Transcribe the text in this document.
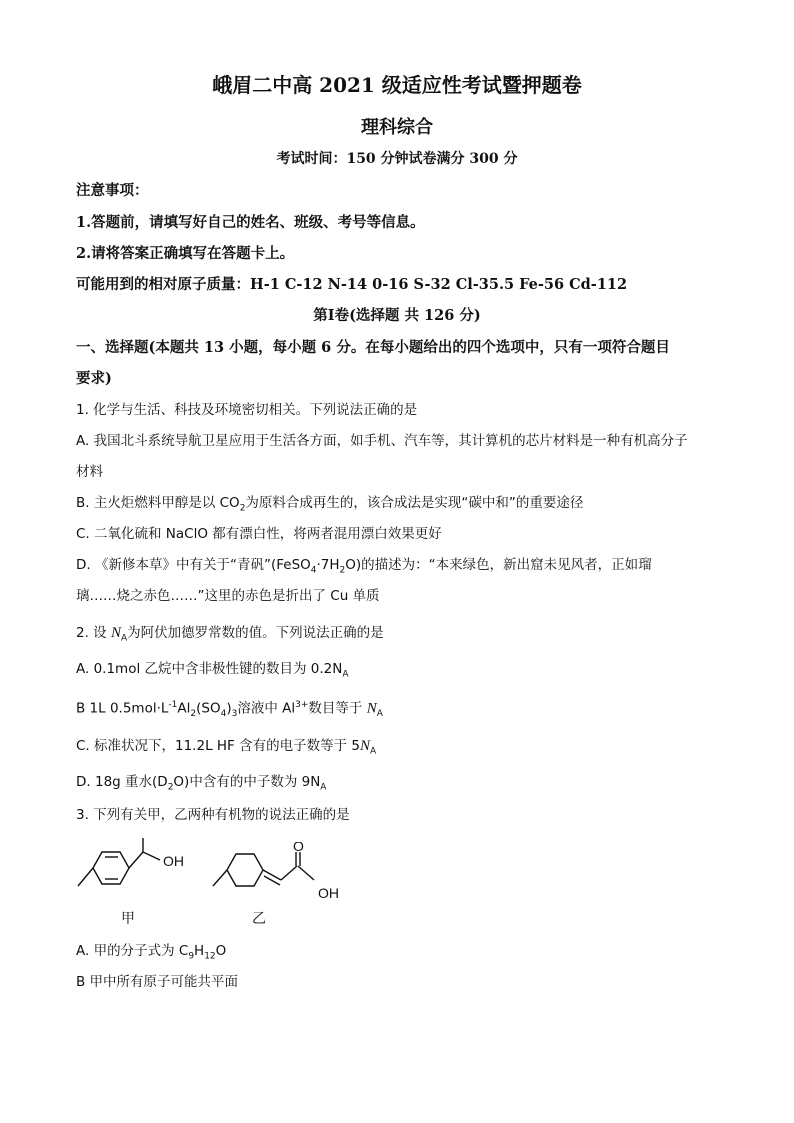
峨眉二中高 2021 级适应性考试暨押题卷
理科综合
考试时间：150 分钟试卷满分 300 分
注意事项：
1.答题前，请填写好自己的姓名、班级、考号等信息。
2.请将答案正确填写在答题卡上。
可能用到的相对原子质量：H-1 C-12 N-14 0-16 S-32 Cl-35.5 Fe-56 Cd-112
第Ⅰ卷(选择题 共 126 分)
一、选择题(本题共 13 小题，每小题 6 分。在每小题给出的四个选项中，只有一项符合题目
要求)
1. 化学与生活、科技及环境密切相关。下列说法正确的是
A. 我国北斗系统导航卫星应用于生活各方面，如手机、汽车等，其计算机的芯片材料是一种有机高分子
材料
B. 主火炬燃料甲醇是以 $CO_2$为原料合成再生的，该合成法是实现“碳中和”的重要途径
C. 二氧化硫和 NaClO 都有漂白性，将两者混用漂白效果更好
D. 《新修本草》中有关于“青矾$”(FeSO_4\cdot 7H_2O)$的描述为：“本来绿色，新出窟未见风者，正如瑠
璃……烧之赤色……”这里的赤色是折出了 Cu 单质
2. 设 $N_A$为阿伏加德罗常数的值。下列说法正确的是
A. 0.1mol 乙烷中含非极性键的数目为 $0.2N_A$
B 1L $0.5mol\cdot L^{-1}Al_2(SO_4)_3$溶液中 $Al^{3+}$数目等于 $N_A$
C. 标准状况下，11.2L HF 含有的电子数等于 $5N_A$
D. 18g 重水$(D_2O)$中含有的中子数为 $9N_A$
3. 下列有关甲，乙两种有机物的说法正确的是
OH
甲
O
OH
乙
A. 甲的分子式为 $C_9H_{12}O$
B 甲中所有原子可能共平面
